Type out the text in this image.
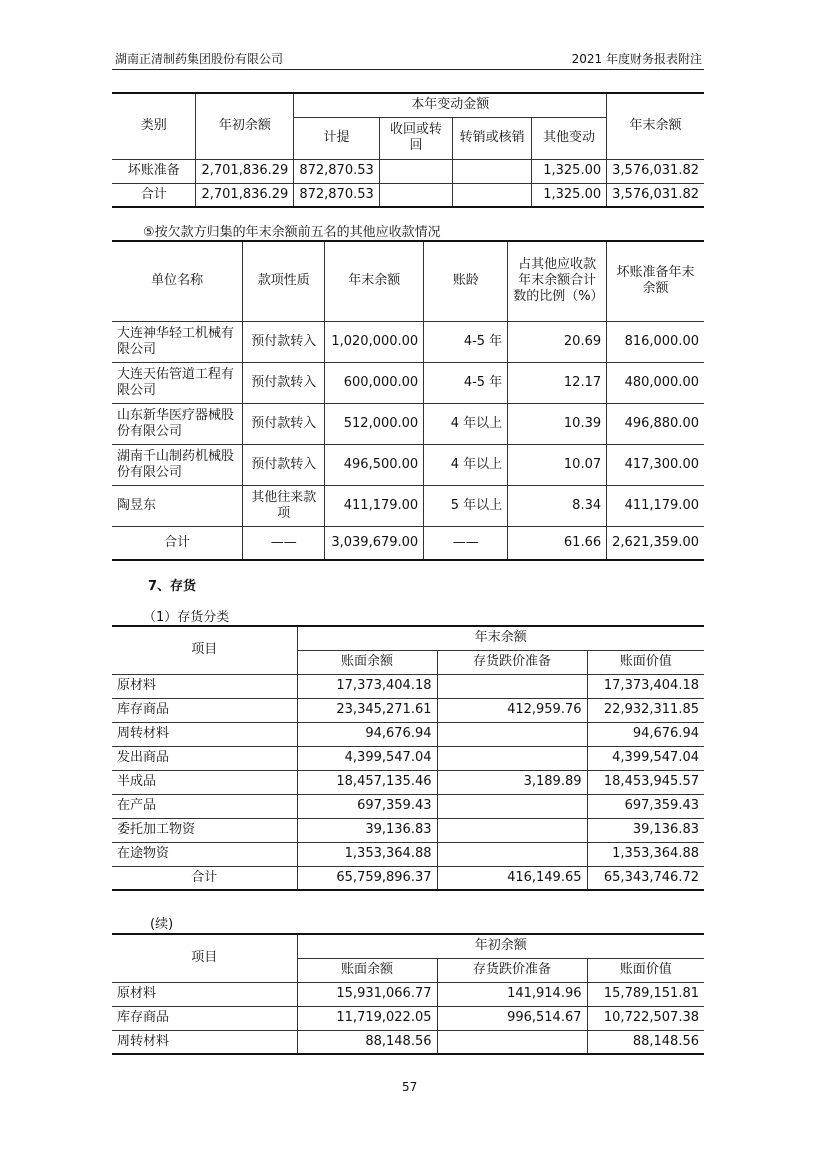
湖南正清制药集团股份有限公司	2021 年度财务报表附注
类别	年初余额	本年变动金额				年末余额
		计提	收回或转回	转销或核销	其他变动	
坏账准备	2,701,836.29	872,870.53			1,325.00	3,576,031.82
合计	2,701,836.29	872,870.53			1,325.00	3,576,031.82
⑤按欠款方归集的年末余额前五名的其他应收款情况
单位名称	款项性质	年末余额	账龄	占其他应收款年末余额合计数的比例（%）	坏账准备年末余额
大连神华轻工机械有限公司	预付款转入	1,020,000.00	4-5 年	20.69	816,000.00
大连天佑管道工程有限公司	预付款转入	600,000.00	4-5 年	12.17	480,000.00
山东新华医疗器械股份有限公司	预付款转入	512,000.00	4 年以上	10.39	496,880.00
湖南千山制药机械股份有限公司	预付款转入	496,500.00	4 年以上	10.07	417,300.00
陶昱东	其他往来款项	411,179.00	5 年以上	8.34	411,179.00
合计	——	3,039,679.00	——	61.66	2,621,359.00
7、存货
（1）存货分类
项目	年末余额		
	账面余额	存货跌价准备	账面价值
原材料	17,373,404.18		17,373,404.18
库存商品	23,345,271.61	412,959.76	22,932,311.85
周转材料	94,676.94		94,676.94
发出商品	4,399,547.04		4,399,547.04
半成品	18,457,135.46	3,189.89	18,453,945.57
在产品	697,359.43		697,359.43
委托加工物资	39,136.83		39,136.83
在途物资	1,353,364.88		1,353,364.88
合计	65,759,896.37	416,149.65	65,343,746.72
(续)
项目	年初余额		
	账面余额	存货跌价准备	账面价值
原材料	15,931,066.77	141,914.96	15,789,151.81
库存商品	11,719,022.05	996,514.67	10,722,507.38
周转材料	88,148.56		88,148.56
57
